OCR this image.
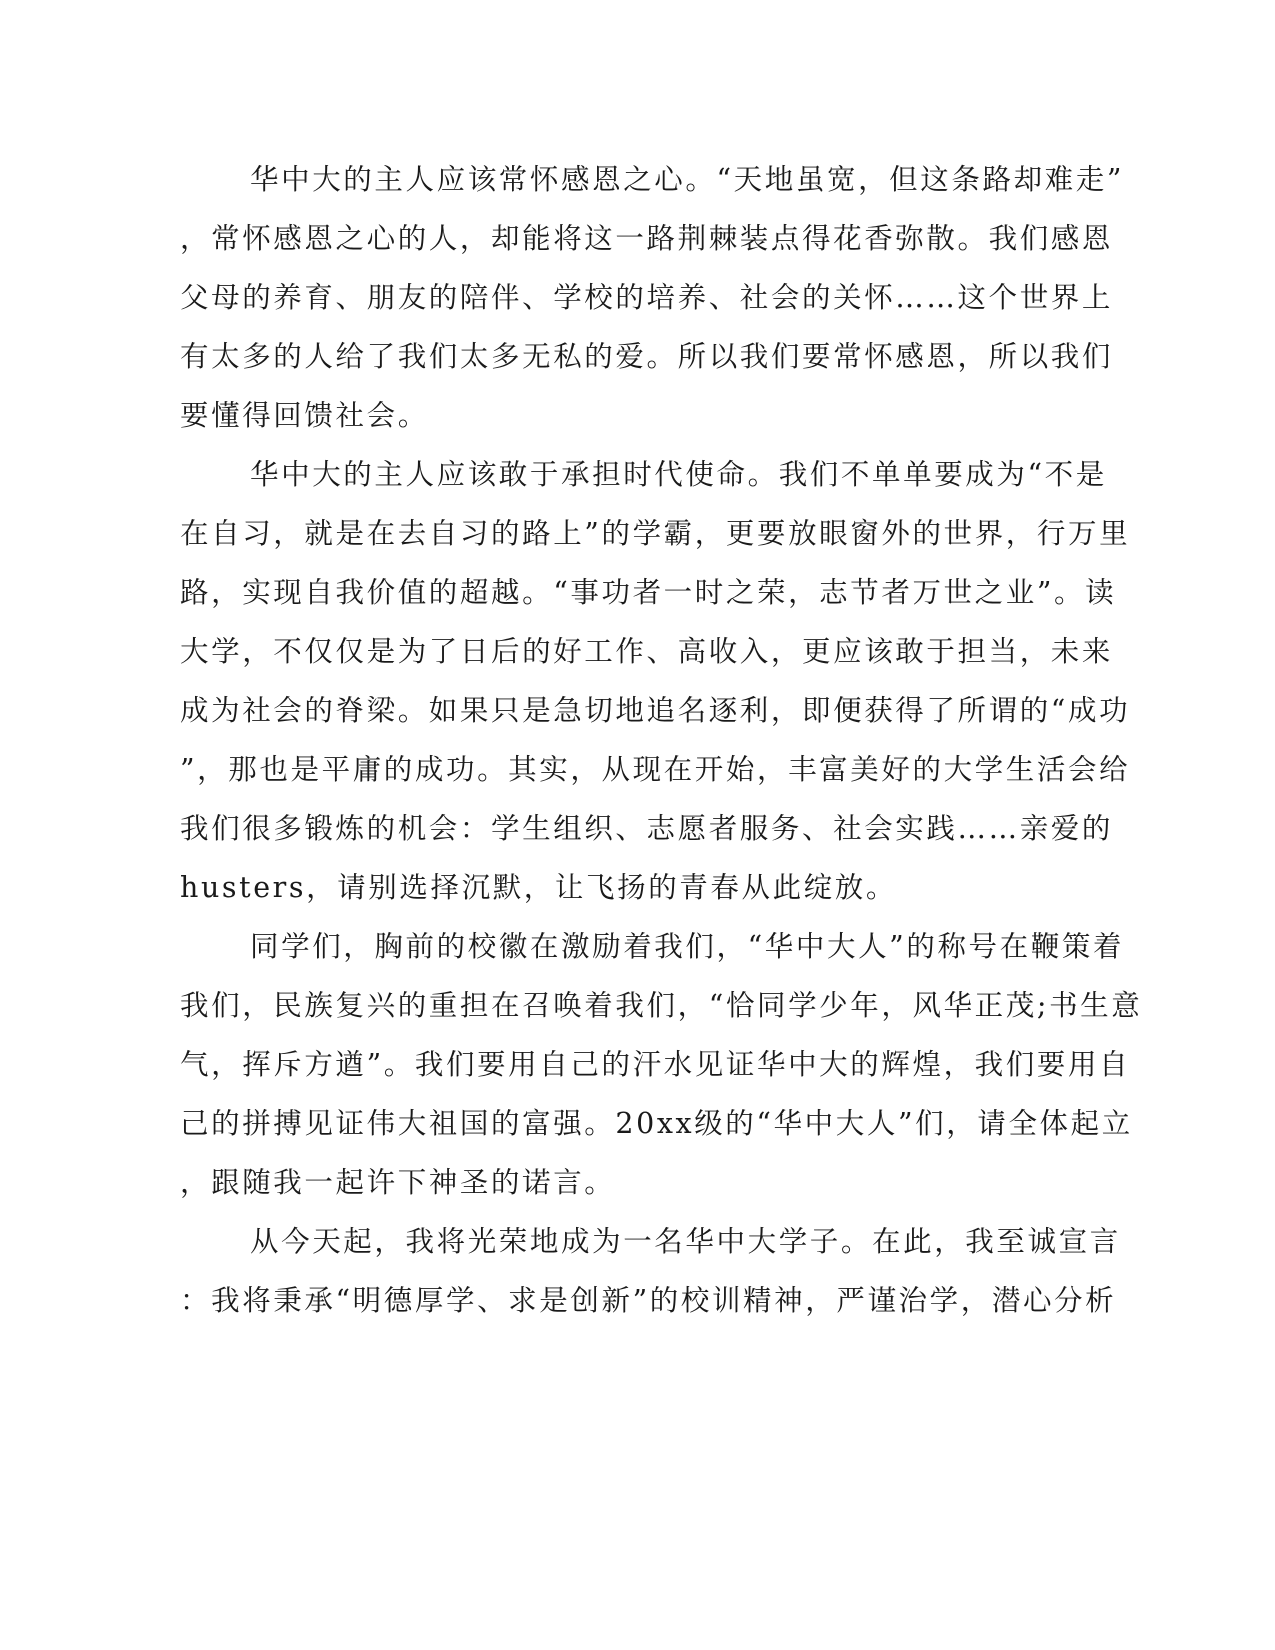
华中大的主人应该常怀感恩之心。“天地虽宽，但这条路却难走”
，常怀感恩之心的人，却能将这一路荆棘装点得花香弥散。我们感恩
父母的养育、朋友的陪伴、学校的培养、社会的关怀……这个世界上
有太多的人给了我们太多无私的爱。所以我们要常怀感恩，所以我们
要懂得回馈社会。
华中大的主人应该敢于承担时代使命。我们不单单要成为“不是
在自习，就是在去自习的路上”的学霸，更要放眼窗外的世界，行万里
路，实现自我价值的超越。“事功者一时之荣，志节者万世之业”。读
大学，不仅仅是为了日后的好工作、高收入，更应该敢于担当，未来
成为社会的脊梁。如果只是急切地追名逐利，即便获得了所谓的“成功
”，那也是平庸的成功。其实，从现在开始，丰富美好的大学生活会给
我们很多锻炼的机会：学生组织、志愿者服务、社会实践……亲爱的
husters，请别选择沉默，让飞扬的青春从此绽放。
同学们，胸前的校徽在激励着我们，“华中大人”的称号在鞭策着
我们，民族复兴的重担在召唤着我们，“恰同学少年，风华正茂;书生意
气，挥斥方遒”。我们要用自己的汗水见证华中大的辉煌，我们要用自
己的拼搏见证伟大祖国的富强。20xx级的“华中大人”们，请全体起立
，跟随我一起许下神圣的诺言。
从今天起，我将光荣地成为一名华中大学子。在此，我至诚宣言
：我将秉承“明德厚学、求是创新”的校训精神，严谨治学，潜心分析
